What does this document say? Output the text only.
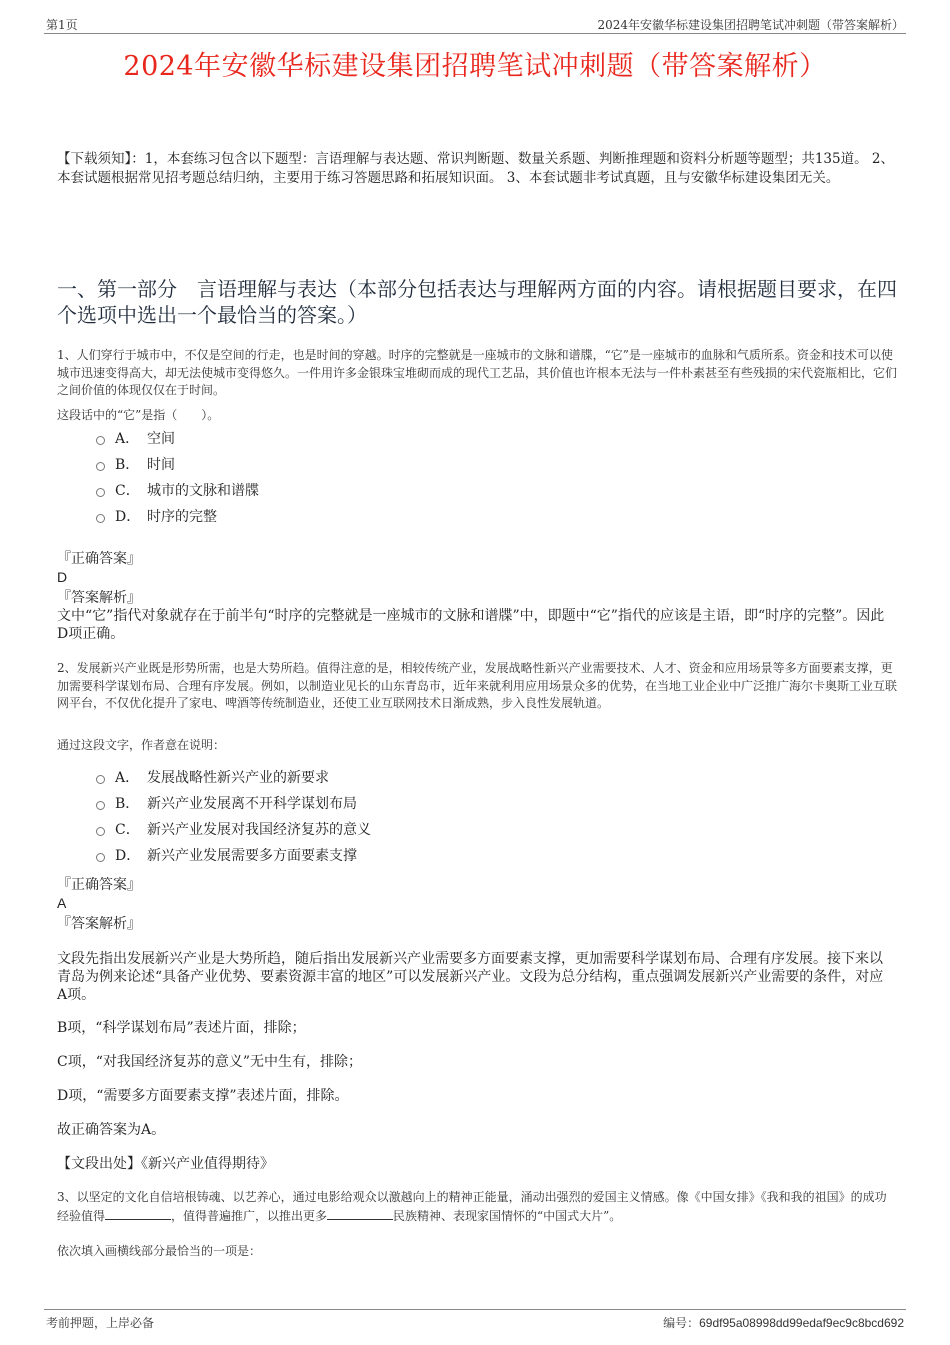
第1页	2024年安徽华标建设集团招聘笔试冲刺题（带答案解析）
2024年安徽华标建设集团招聘笔试冲刺题（带答案解析）
【下载须知】：1，本套练习包含以下题型：言语理解与表达题、常识判断题、数量关系题、判断推理题和资料分析题等题型；共135道。 2、本套试题根据常见招考题总结归纳，主要用于练习答题思路和拓展知识面。 3、本套试题非考试真题，且与安徽华标建设集团无关。
一、第一部分　言语理解与表达（本部分包括表达与理解两方面的内容。请根据题目要求，在四个选项中选出一个最恰当的答案。）
1、人们穿行于城市中，不仅是空间的行走，也是时间的穿越。时序的完整就是一座城市的文脉和谱牒，“它”是一座城市的血脉和气质所系。资金和技术可以使城市迅速变得高大，却无法使城市变得悠久。一件用许多金银珠宝堆砌而成的现代工艺品，其价值也许根本无法与一件朴素甚至有些残损的宋代瓷瓶相比，它们之间价值的体现仅仅在于时间。
这段话中的“它”是指（　　）。
A． 空间
B． 时间
C． 城市的文脉和谱牒
D． 时序的完整
『正确答案』
D
『答案解析』
文中“它”指代对象就存在于前半句“时序的完整就是一座城市的文脉和谱牒”中，即题中“它”指代的应该是主语，即“时序的完整”。因此D项正确。
2、发展新兴产业既是形势所需，也是大势所趋。值得注意的是，相较传统产业，发展战略性新兴产业需要技术、人才、资金和应用场景等多方面要素支撑，更加需要科学谋划布局、合理有序发展。例如，以制造业见长的山东青岛市，近年来就利用应用场景众多的优势，在当地工业企业中广泛推广海尔卡奥斯工业互联网平台，不仅优化提升了家电、啤酒等传统制造业，还使工业互联网技术日渐成熟，步入良性发展轨道。
通过这段文字，作者意在说明：
A． 发展战略性新兴产业的新要求
B． 新兴产业发展离不开科学谋划布局
C． 新兴产业发展对我国经济复苏的意义
D． 新兴产业发展需要多方面要素支撑
『正确答案』
A
『答案解析』
文段先指出发展新兴产业是大势所趋，随后指出发展新兴产业需要多方面要素支撑，更加需要科学谋划布局、合理有序发展。接下来以青岛为例来论述“具备产业优势、要素资源丰富的地区”可以发展新兴产业。文段为总分结构，重点强调发展新兴产业需要的条件，对应A项。
B项，“科学谋划布局”表述片面，排除；
C项，“对我国经济复苏的意义”无中生有，排除；
D项，“需要多方面要素支撑”表述片面，排除。
故正确答案为A。
【文段出处】《新兴产业值得期待》
3、以坚定的文化自信培根铸魂、以艺养心，通过电影给观众以激越向上的精神正能量，涌动出强烈的爱国主义情感。像《中国女排》《我和我的祖国》的成功经验值得	，值得普遍推广，以推出更多	民族精神、表现家国情怀的“中国式大片”。
依次填入画横线部分最恰当的一项是：
考前押题，上岸必备	编号：69df95a08998dd99edaf9ec9c8bcd692
